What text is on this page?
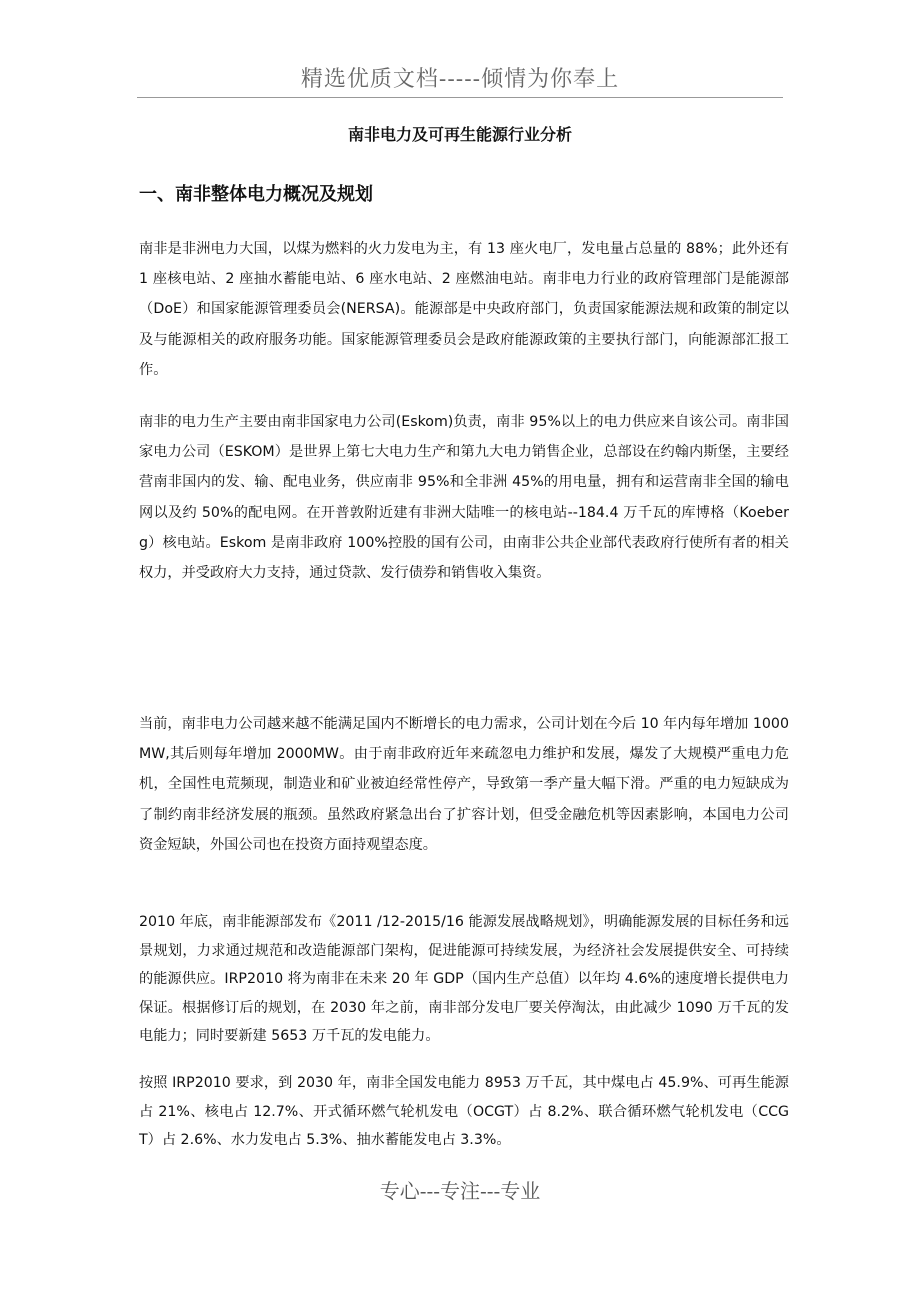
精选优质文档-----倾情为你奉上
南非电力及可再生能源行业分析
一、南非整体电力概况及规划

南非是非洲电力大国，以煤为燃料的火力发电为主，有 13 座火电厂，发电量占总量的 88%；此外还有 1 座核电站、2 座抽水蓄能电站、6 座水电站、2 座燃油电站。南非电力行业的政府管理部门是能源部（DoE）和国家能源管理委员会(NERSA)。能源部是中央政府部门，负责国家能源法规和政策的制定以及与能源相关的政府服务功能。国家能源管理委员会是政府能源政策的主要执行部门，向能源部汇报工作。

南非的电力生产主要由南非国家电力公司(Eskom)负责，南非 95%以上的电力供应来自该公司。南非国家电力公司（ESKOM）是世界上第七大电力生产和第九大电力销售企业，总部设在约翰内斯堡，主要经营南非国内的发、输、配电业务，供应南非 95%和全非洲 45%的用电量，拥有和运营南非全国的输电网以及约 50%的配电网。在开普敦附近建有非洲大陆唯一的核电站--184.4 万千瓦的库博格（Koeberg）核电站。Eskom 是南非政府 100%控股的国有公司，由南非公共企业部代表政府行使所有者的相关权力，并受政府大力支持，通过贷款、发行债券和销售收入集资。

当前，南非电力公司越来越不能满足国内不断增长的电力需求，公司计划在今后 10 年内每年增加 1000MW,其后则每年增加 2000MW。由于南非政府近年来疏忽电力维护和发展，爆发了大规模严重电力危机，全国性电荒频现，制造业和矿业被迫经常性停产，导致第一季产量大幅下滑。严重的电力短缺成为了制约南非经济发展的瓶颈。虽然政府紧急出台了扩容计划，但受金融危机等因素影响，本国电力公司资金短缺，外国公司也在投资方面持观望态度。

2010 年底，南非能源部发布《2011 /12-2015/16 能源发展战略规划》，明确能源发展的目标任务和远景规划，力求通过规范和改造能源部门架构，促进能源可持续发展，为经济社会发展提供安全、可持续的能源供应。IRP2010 将为南非在未来 20 年 GDP（国内生产总值）以年均 4.6%的速度增长提供电力保证。根据修订后的规划，在 2030 年之前，南非部分发电厂要关停淘汰，由此减少 1090 万千瓦的发电能力；同时要新建 5653 万千瓦的发电能力。

按照 IRP2010 要求，到 2030 年，南非全国发电能力 8953 万千瓦，其中煤电占 45.9%、可再生能源占 21%、核电占 12.7%、开式循环燃气轮机发电（OCGT）占 8.2%、联合循环燃气轮机发电（CCGT）占 2.6%、水力发电占 5.3%、抽水蓄能发电占 3.3%。

专心---专注---专业
